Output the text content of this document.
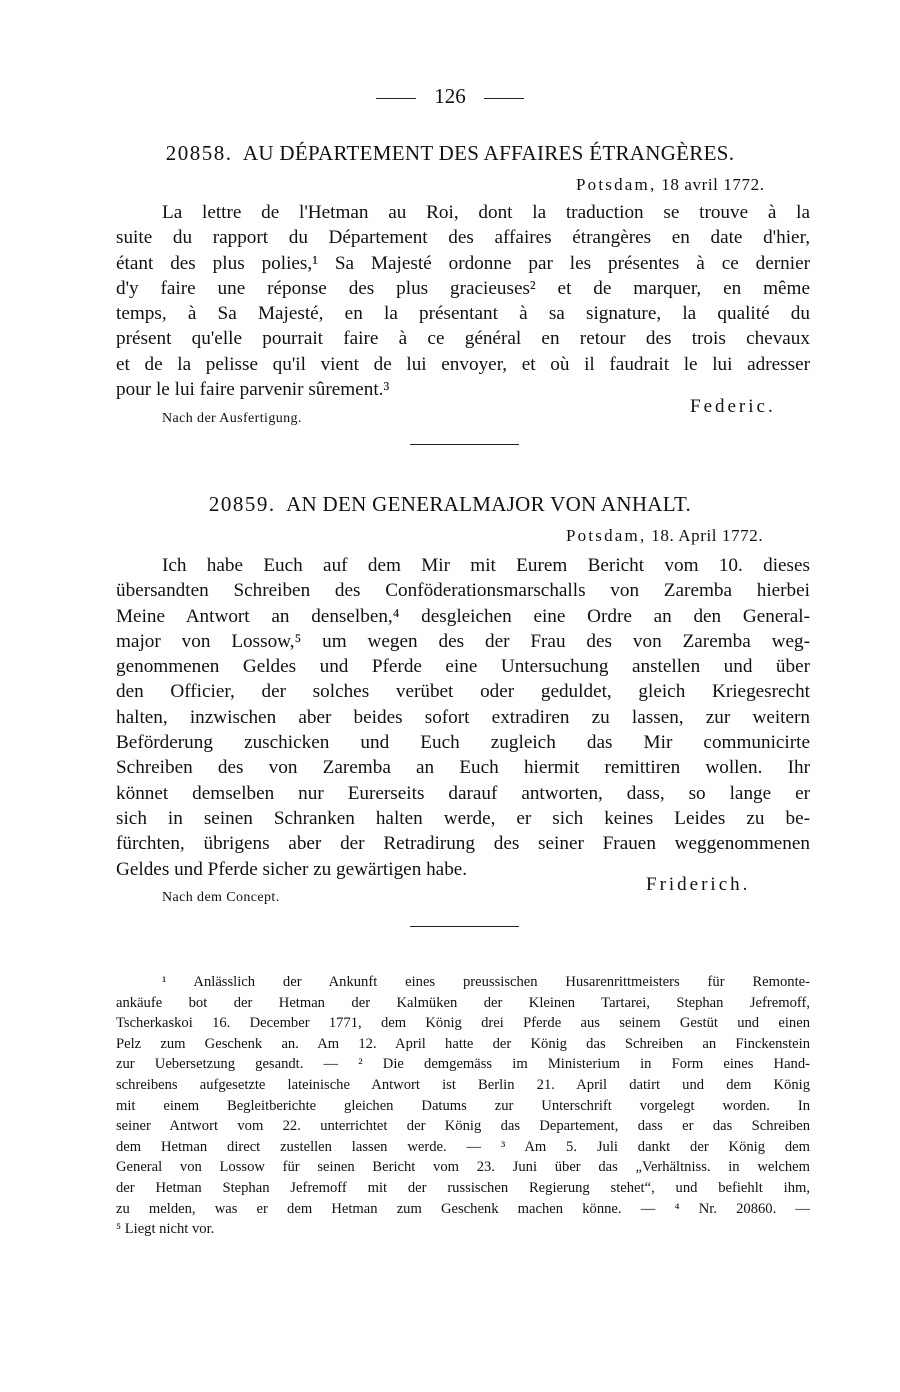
126
20858. AU DÉPARTEMENT DES AFFAIRES ÉTRANGÈRES.
Potsdam, 18 avril 1772.
La lettre de l'Hetman au Roi, dont la traduction se trouve à la
suite du rapport du Département des affaires étrangères en date d'hier,
étant des plus polies,¹ Sa Majesté ordonne par les présentes à ce dernier
d'y faire une réponse des plus gracieuses² et de marquer, en même
temps, à Sa Majesté, en la présentant à sa signature, la qualité du
présent qu'elle pourrait faire à ce général en retour des trois chevaux
et de la pelisse qu'il vient de lui envoyer, et où il faudrait le lui adresser
pour le lui faire parvenir sûrement.³
Federic.
Nach der Ausfertigung.
20859. AN DEN GENERALMAJOR VON ANHALT.
Potsdam, 18. April 1772.
Ich habe Euch auf dem Mir mit Eurem Bericht vom 10. dieses
übersandten Schreiben des Conföderationsmarschalls von Zaremba hierbei
Meine Antwort an denselben,⁴ desgleichen eine Ordre an den General-
major von Lossow,⁵ um wegen des der Frau des von Zaremba weg-
genommenen Geldes und Pferde eine Untersuchung anstellen und über
den Officier, der solches verübet oder geduldet, gleich Kriegesrecht
halten, inzwischen aber beides sofort extradiren zu lassen, zur weitern
Beförderung zuschicken und Euch zugleich das Mir communicirte
Schreiben des von Zaremba an Euch hiermit remittiren wollen. Ihr
könnet demselben nur Eurerseits darauf antworten, dass, so lange er
sich in seinen Schranken halten werde, er sich keines Leides zu be-
fürchten, übrigens aber der Retradirung des seiner Frauen weggenommenen
Geldes und Pferde sicher zu gewärtigen habe.
Friderich.
Nach dem Concept.
¹ Anlässlich der Ankunft eines preussischen Husarenrittmeisters für Remonte-
ankäufe bot der Hetman der Kalmüken der Kleinen Tartarei, Stephan Jefremoff,
Tscherkaskoi 16. December 1771, dem König drei Pferde aus seinem Gestüt und einen
Pelz zum Geschenk an. Am 12. April hatte der König das Schreiben an Finckenstein
zur Uebersetzung gesandt. — ² Die demgemäss im Ministerium in Form eines Hand-
schreibens aufgesetzte lateinische Antwort ist Berlin 21. April datirt und dem König
mit einem Begleitberichte gleichen Datums zur Unterschrift vorgelegt worden. In
seiner Antwort vom 22. unterrichtet der König das Departement, dass er das Schreiben
dem Hetman direct zustellen lassen werde. — ³ Am 5. Juli dankt der König dem
General von Lossow für seinen Bericht vom 23. Juni über das „Verhältniss. in welchem
der Hetman Stephan Jefremoff mit der russischen Regierung stehet“, und befiehlt ihm,
zu melden, was er dem Hetman zum Geschenk machen könne. — ⁴ Nr. 20860. —
⁵ Liegt nicht vor.
